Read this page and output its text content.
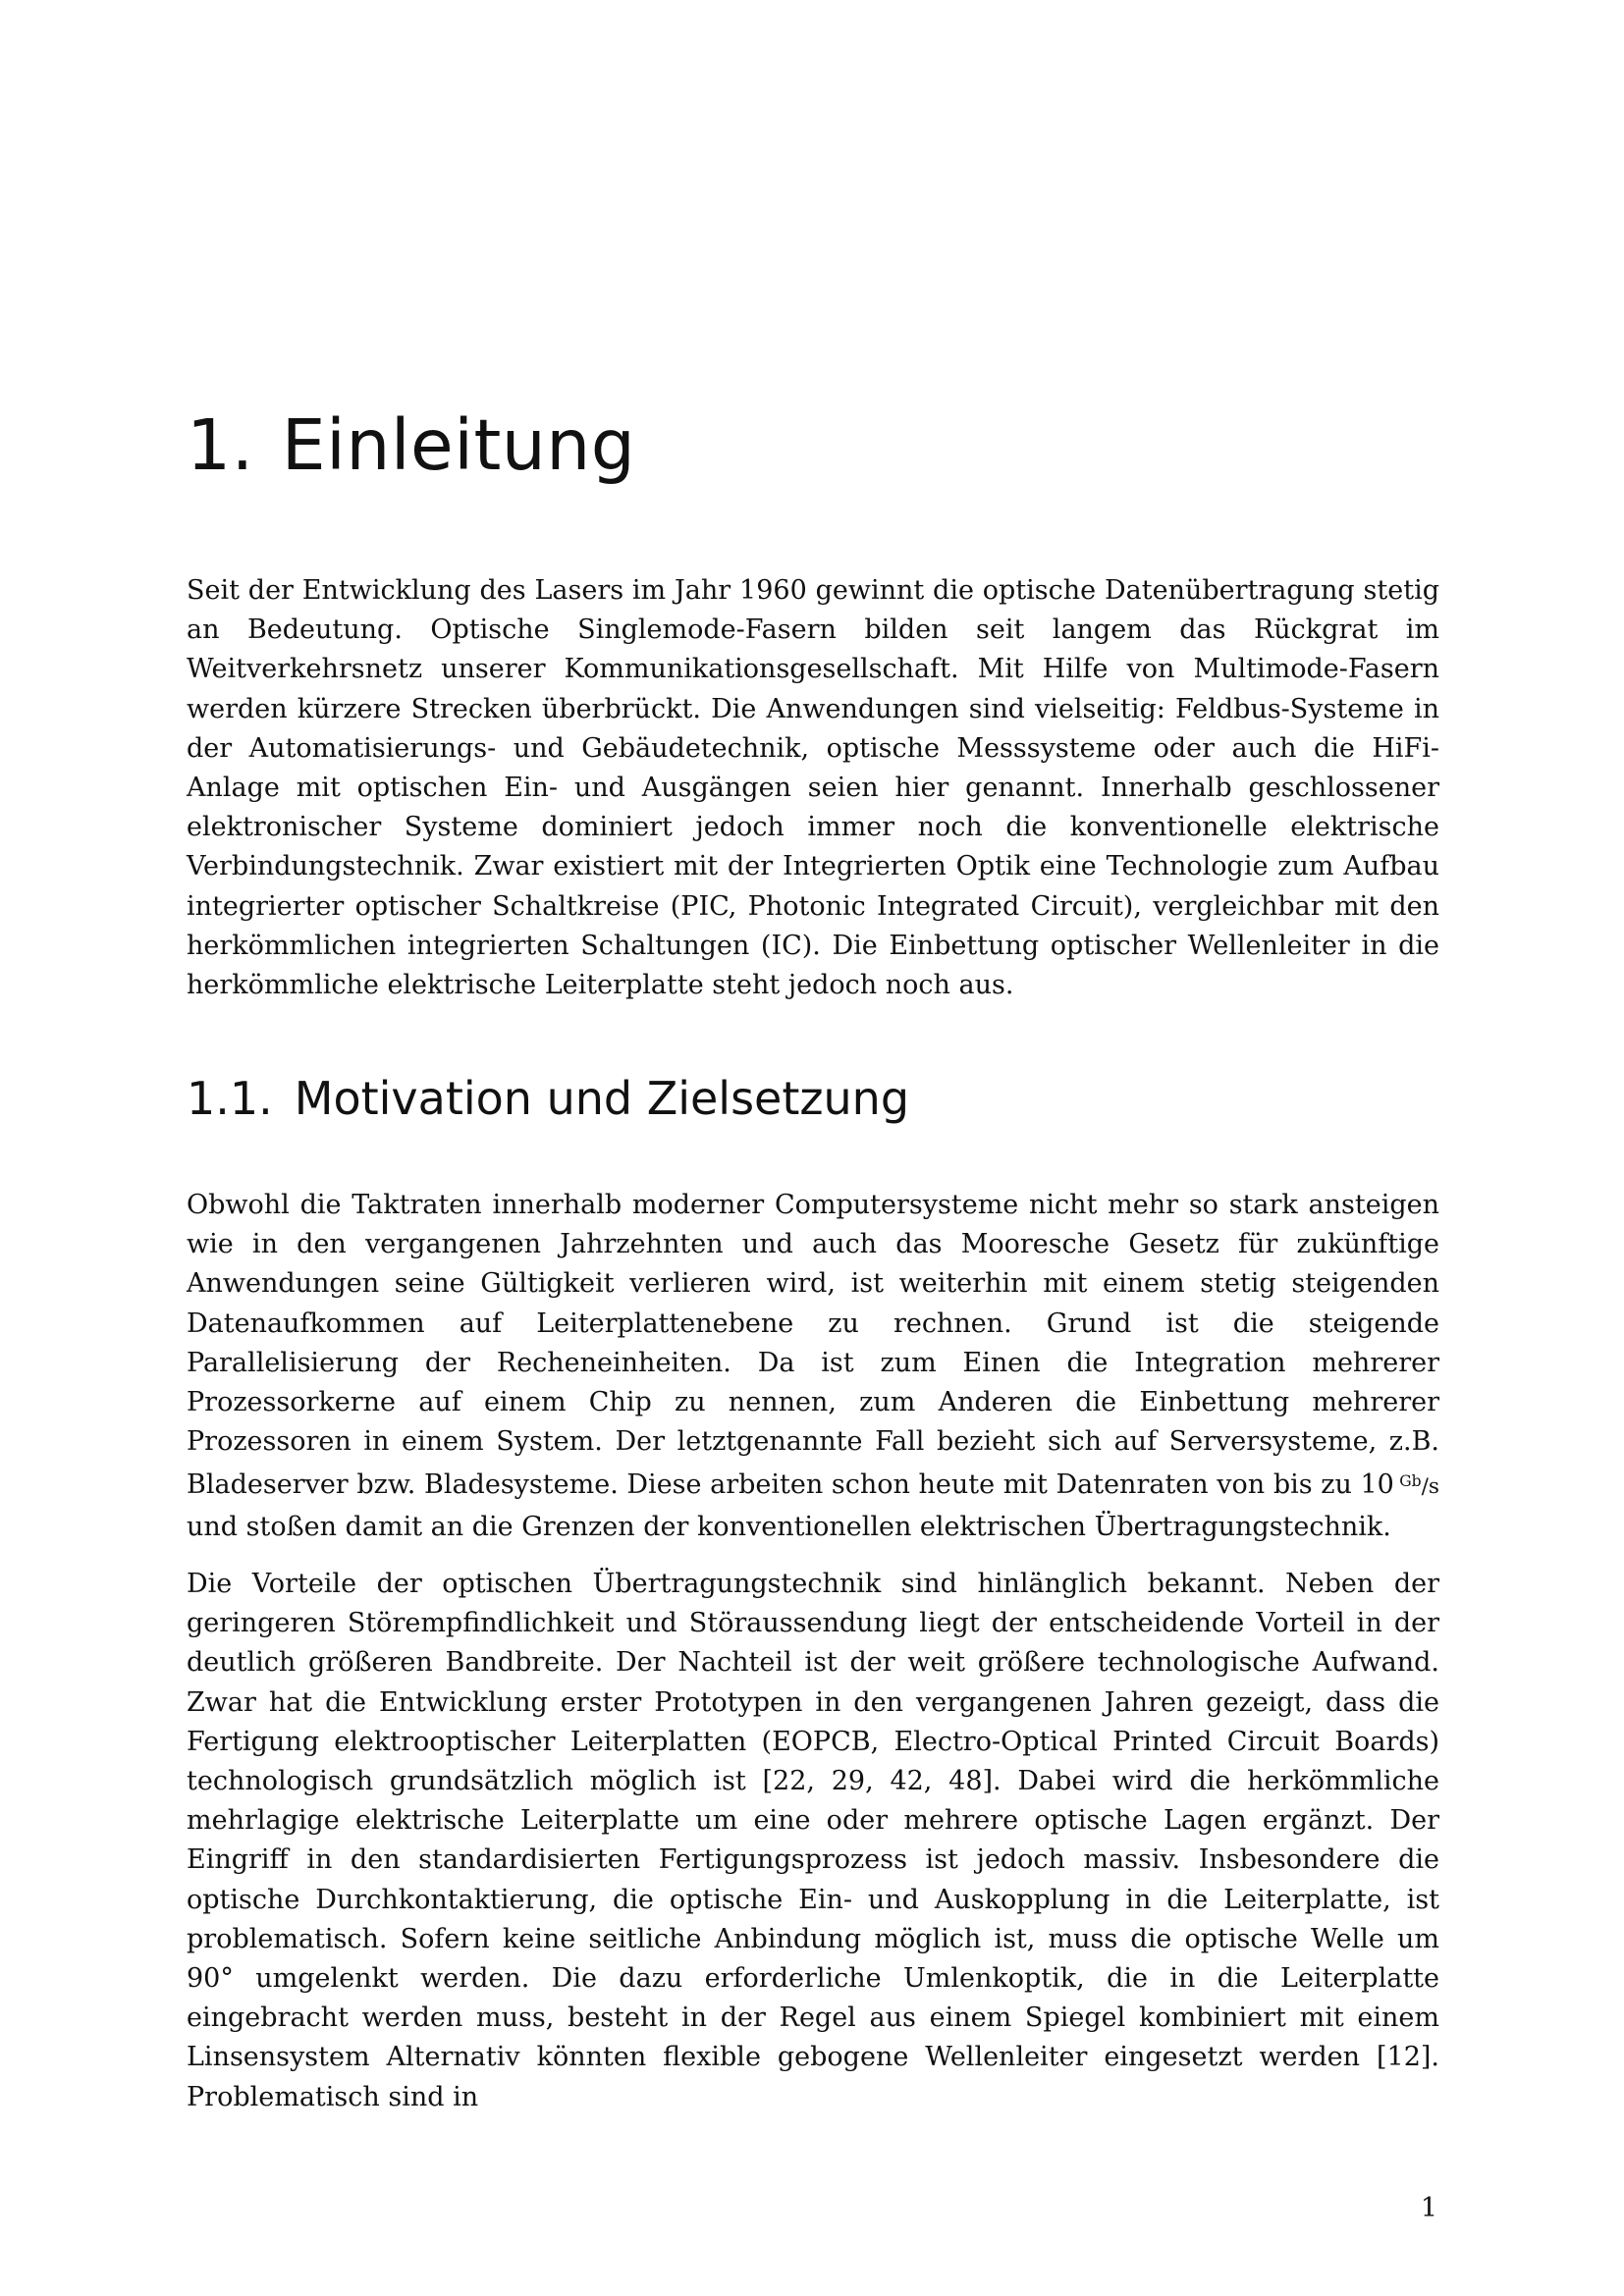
1. Einleitung

Seit der Entwicklung des Lasers im Jahr 1960 gewinnt die optische Datenübertragung stetig an Bedeutung. Optische Singlemode-Fasern bilden seit langem das Rückgrat im Weitverkehrsnetz unserer Kommunikationsgesellschaft. Mit Hilfe von Multimode-Fasern werden kürzere Strecken überbrückt. Die Anwendungen sind vielseitig: Feldbus-Systeme in der Automatisierungs- und Gebäudetechnik, optische Messsysteme oder auch die HiFi-Anlage mit optischen Ein- und Ausgängen seien hier genannt. Innerhalb geschlossener elektronischer Systeme dominiert jedoch immer noch die konventionelle elektrische Verbindungstechnik. Zwar existiert mit der Integrierten Optik eine Technologie zum Aufbau integrierter optischer Schaltkreise (PIC, Photonic Integrated Circuit), vergleichbar mit den herkömmlichen integrierten Schaltungen (IC). Die Einbettung optischer Wellenleiter in die herkömmliche elektrische Leiterplatte steht jedoch noch aus.

1.1. Motivation und Zielsetzung

Obwohl die Taktraten innerhalb moderner Computersysteme nicht mehr so stark ansteigen wie in den vergangenen Jahrzehnten und auch das Mooresche Gesetz für zukünftige Anwendungen seine Gültigkeit verlieren wird, ist weiterhin mit einem stetig steigenden Datenaufkommen auf Leiterplattenebene zu rechnen. Grund ist die steigende Parallelisierung der Recheneinheiten. Da ist zum Einen die Integration mehrerer Prozessorkerne auf einem Chip zu nennen, zum Anderen die Einbettung mehrerer Prozessoren in einem System. Der letztgenannte Fall bezieht sich auf Serversysteme, z.B. Bladeserver bzw. Bladesysteme. Diese arbeiten schon heute mit Datenraten von bis zu 10  $^{Gb}$/s und stoßen damit an die Grenzen der konventionellen elektrischen Übertragungstechnik.

Die Vorteile der optischen Übertragungstechnik sind hinlänglich bekannt. Neben der geringeren Störempfindlichkeit und Störaussendung liegt der entscheidende Vorteil in der deutlich größeren Bandbreite. Der Nachteil ist der weit größere technologische Aufwand. Zwar hat die Entwicklung erster Prototypen in den vergangenen Jahren gezeigt, dass die Fertigung elektrooptischer Leiterplatten (EOPCB, Electro-Optical Printed Circuit Boards) technologisch grundsätzlich möglich ist [22, 29, 42, 48]. Dabei wird die herkömmliche mehrlagige elektrische Leiterplatte um eine oder mehrere optische Lagen ergänzt. Der Eingriff in den standardisierten Fertigungsprozess ist jedoch massiv. Insbesondere die optische Durchkontaktierung, die optische Ein- und Auskopplung in die Leiterplatte, ist problematisch. Sofern keine seitliche Anbindung möglich ist, muss die optische Welle um 90° umgelenkt werden. Die dazu erforderliche Umlenkoptik, die in die Leiterplatte eingebracht werden muss, besteht in der Regel aus einem Spiegel kombiniert mit einem Linsensystem Alternativ könnten flexible gebogene Wellenleiter eingesetzt werden [12]. Problematisch sind in

1
